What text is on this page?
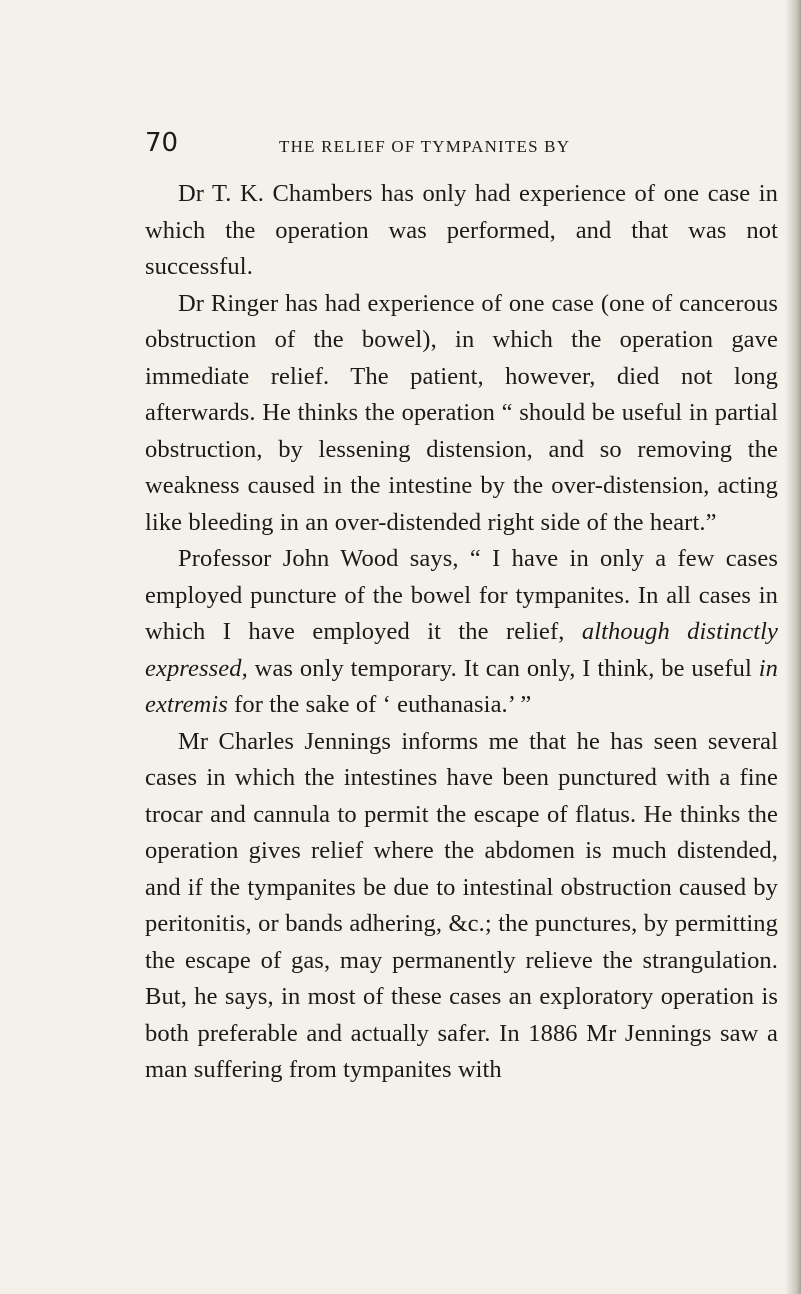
70	THE RELIEF OF TYMPANITES BY

Dr T. K. Chambers has only had experience of one case in which the operation was performed, and that was not successful.

Dr Ringer has had experience of one case (one of cancerous obstruction of the bowel), in which the operation gave immediate relief. The patient, however, died not long afterwards. He thinks the operation “ should be useful in partial obstruction, by lessening distension, and so removing the weakness caused in the intestine by the over-distension, acting like bleeding in an over-distended right side of the heart.”

Professor John Wood says, “ I have in only a few cases employed puncture of the bowel for tympanites. In all cases in which I have employed it the relief, although distinctly expressed, was only temporary. It can only, I think, be useful in extremis for the sake of ‘ euthanasia.’ ”

Mr Charles Jennings informs me that he has seen several cases in which the intestines have been punctured with a fine trocar and cannula to permit the escape of flatus. He thinks the operation gives relief where the abdomen is much distended, and if the tympanites be due to intestinal obstruction caused by peritonitis, or bands adhering, &c.; the punctures, by permitting the escape of gas, may permanently relieve the strangulation. But, he says, in most of these cases an exploratory operation is both preferable and actually safer. In 1886 Mr Jennings saw a man suffering from tympanites with
